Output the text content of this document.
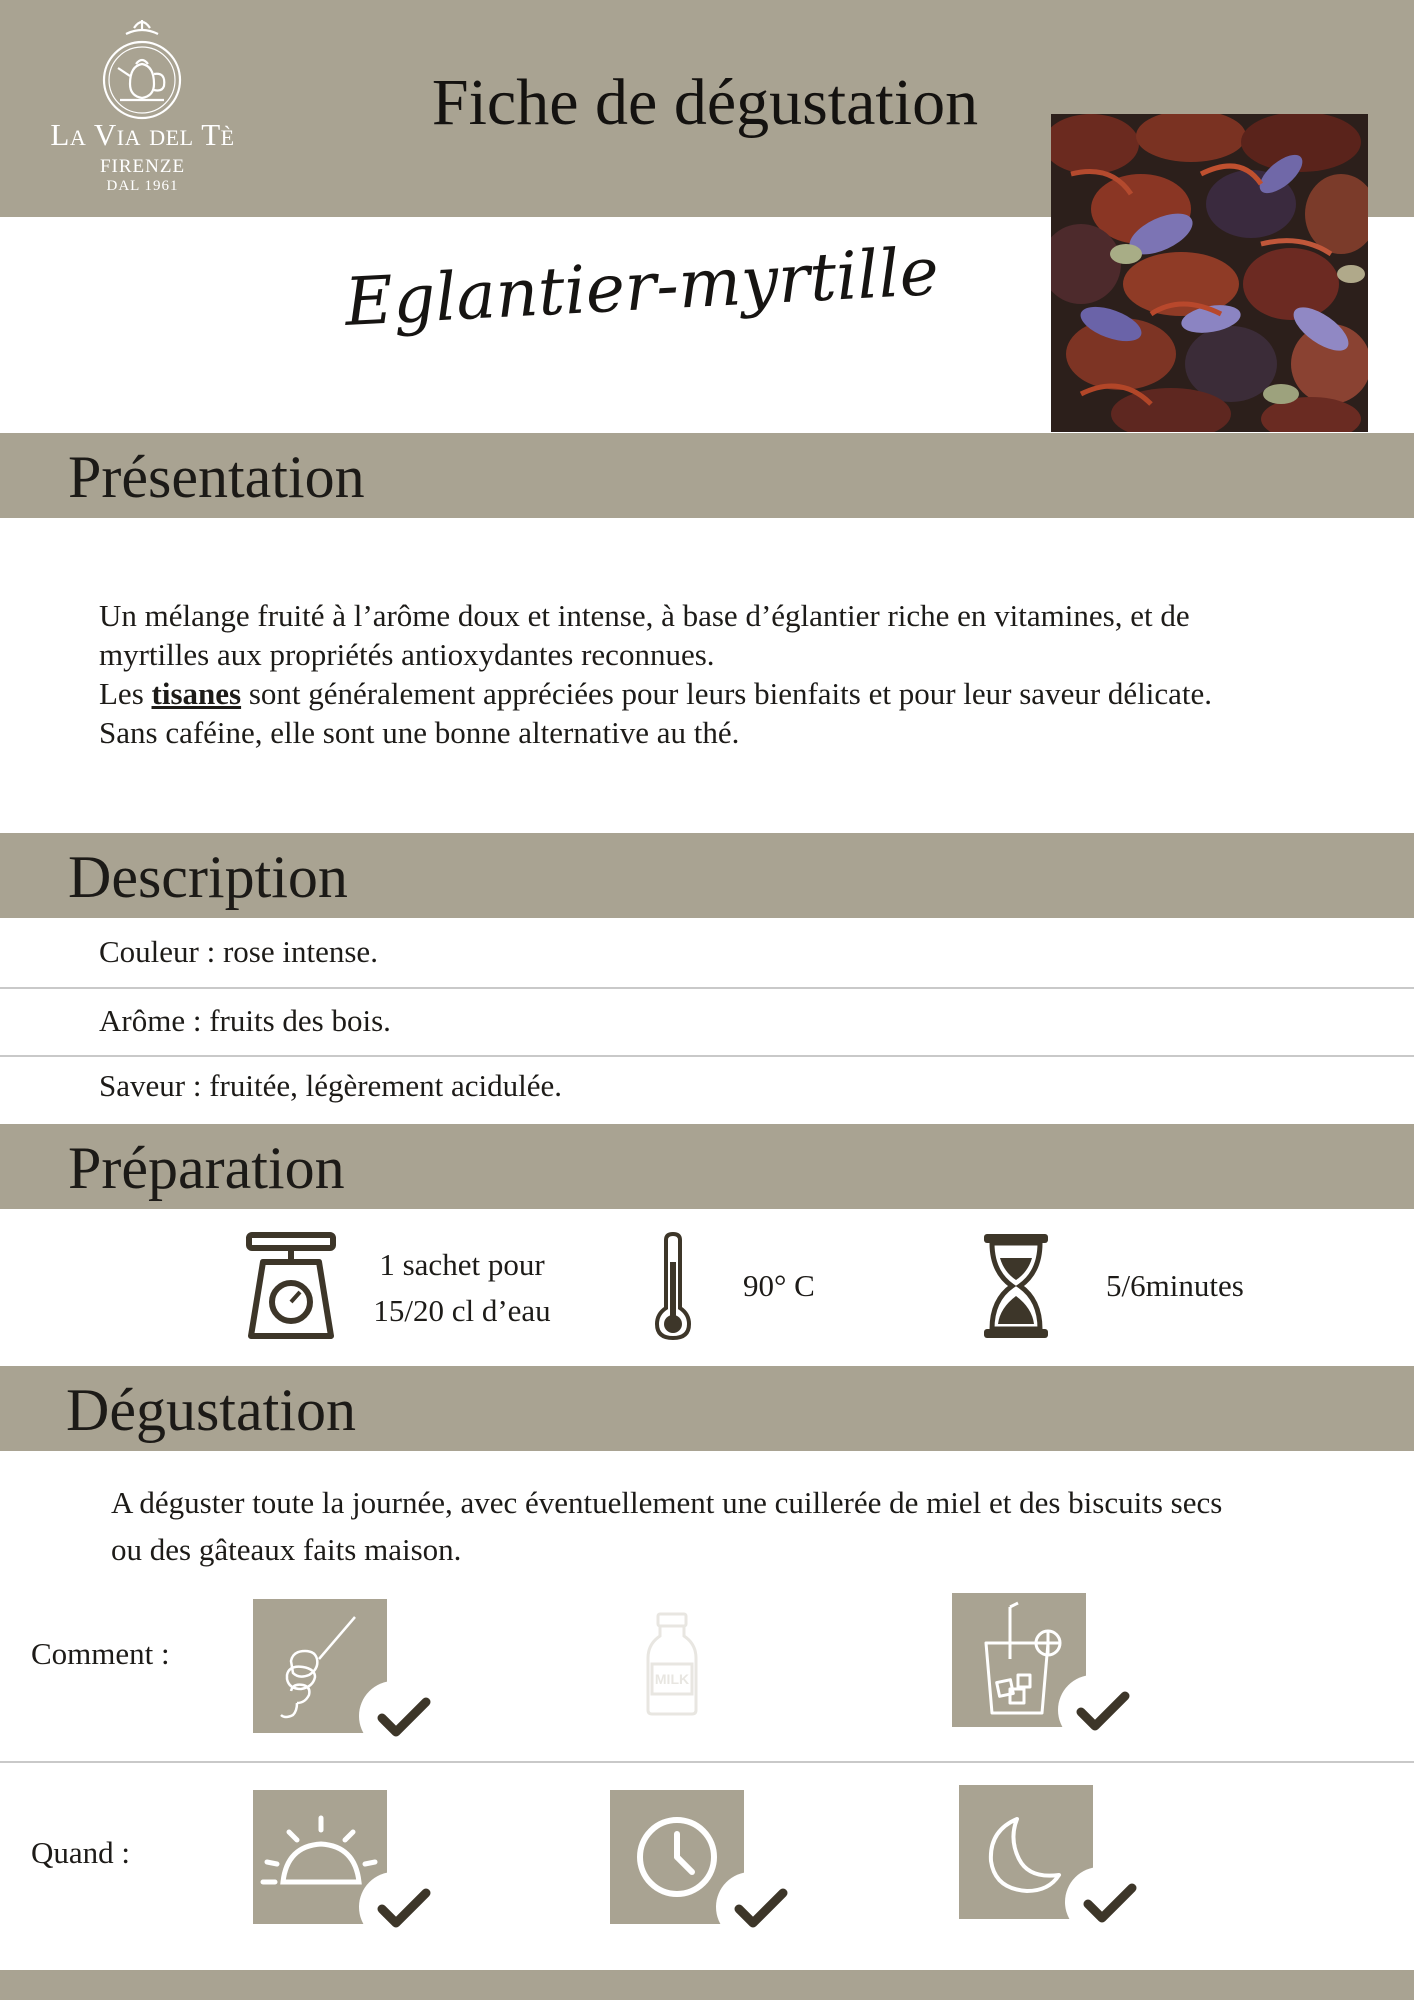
La Via del Tè
FIRENZE
DAL 1961
Fiche de dégustation
Eglantier-myrtille
Présentation
Un mélange fruité à l’arôme doux et intense, à base d’églantier riche en vitamines, et de
myrtilles aux propriétés antioxydantes reconnues.
Les tisanes sont généralement appréciées pour leurs bienfaits et pour leur saveur délicate.
Sans caféine, elle sont une bonne alternative au thé.
Description
Couleur : rose intense.
Arôme : fruits des bois.
Saveur : fruitée, légèrement acidulée.
Préparation
1 sachet pour
15/20 cl d’eau
90° C	5/6minutes
Dégustation
A déguster toute la journée, avec éventuellement une cuillerée de miel et des biscuits secs
ou des gâteaux faits maison.
Comment :
MILK
Quand :
